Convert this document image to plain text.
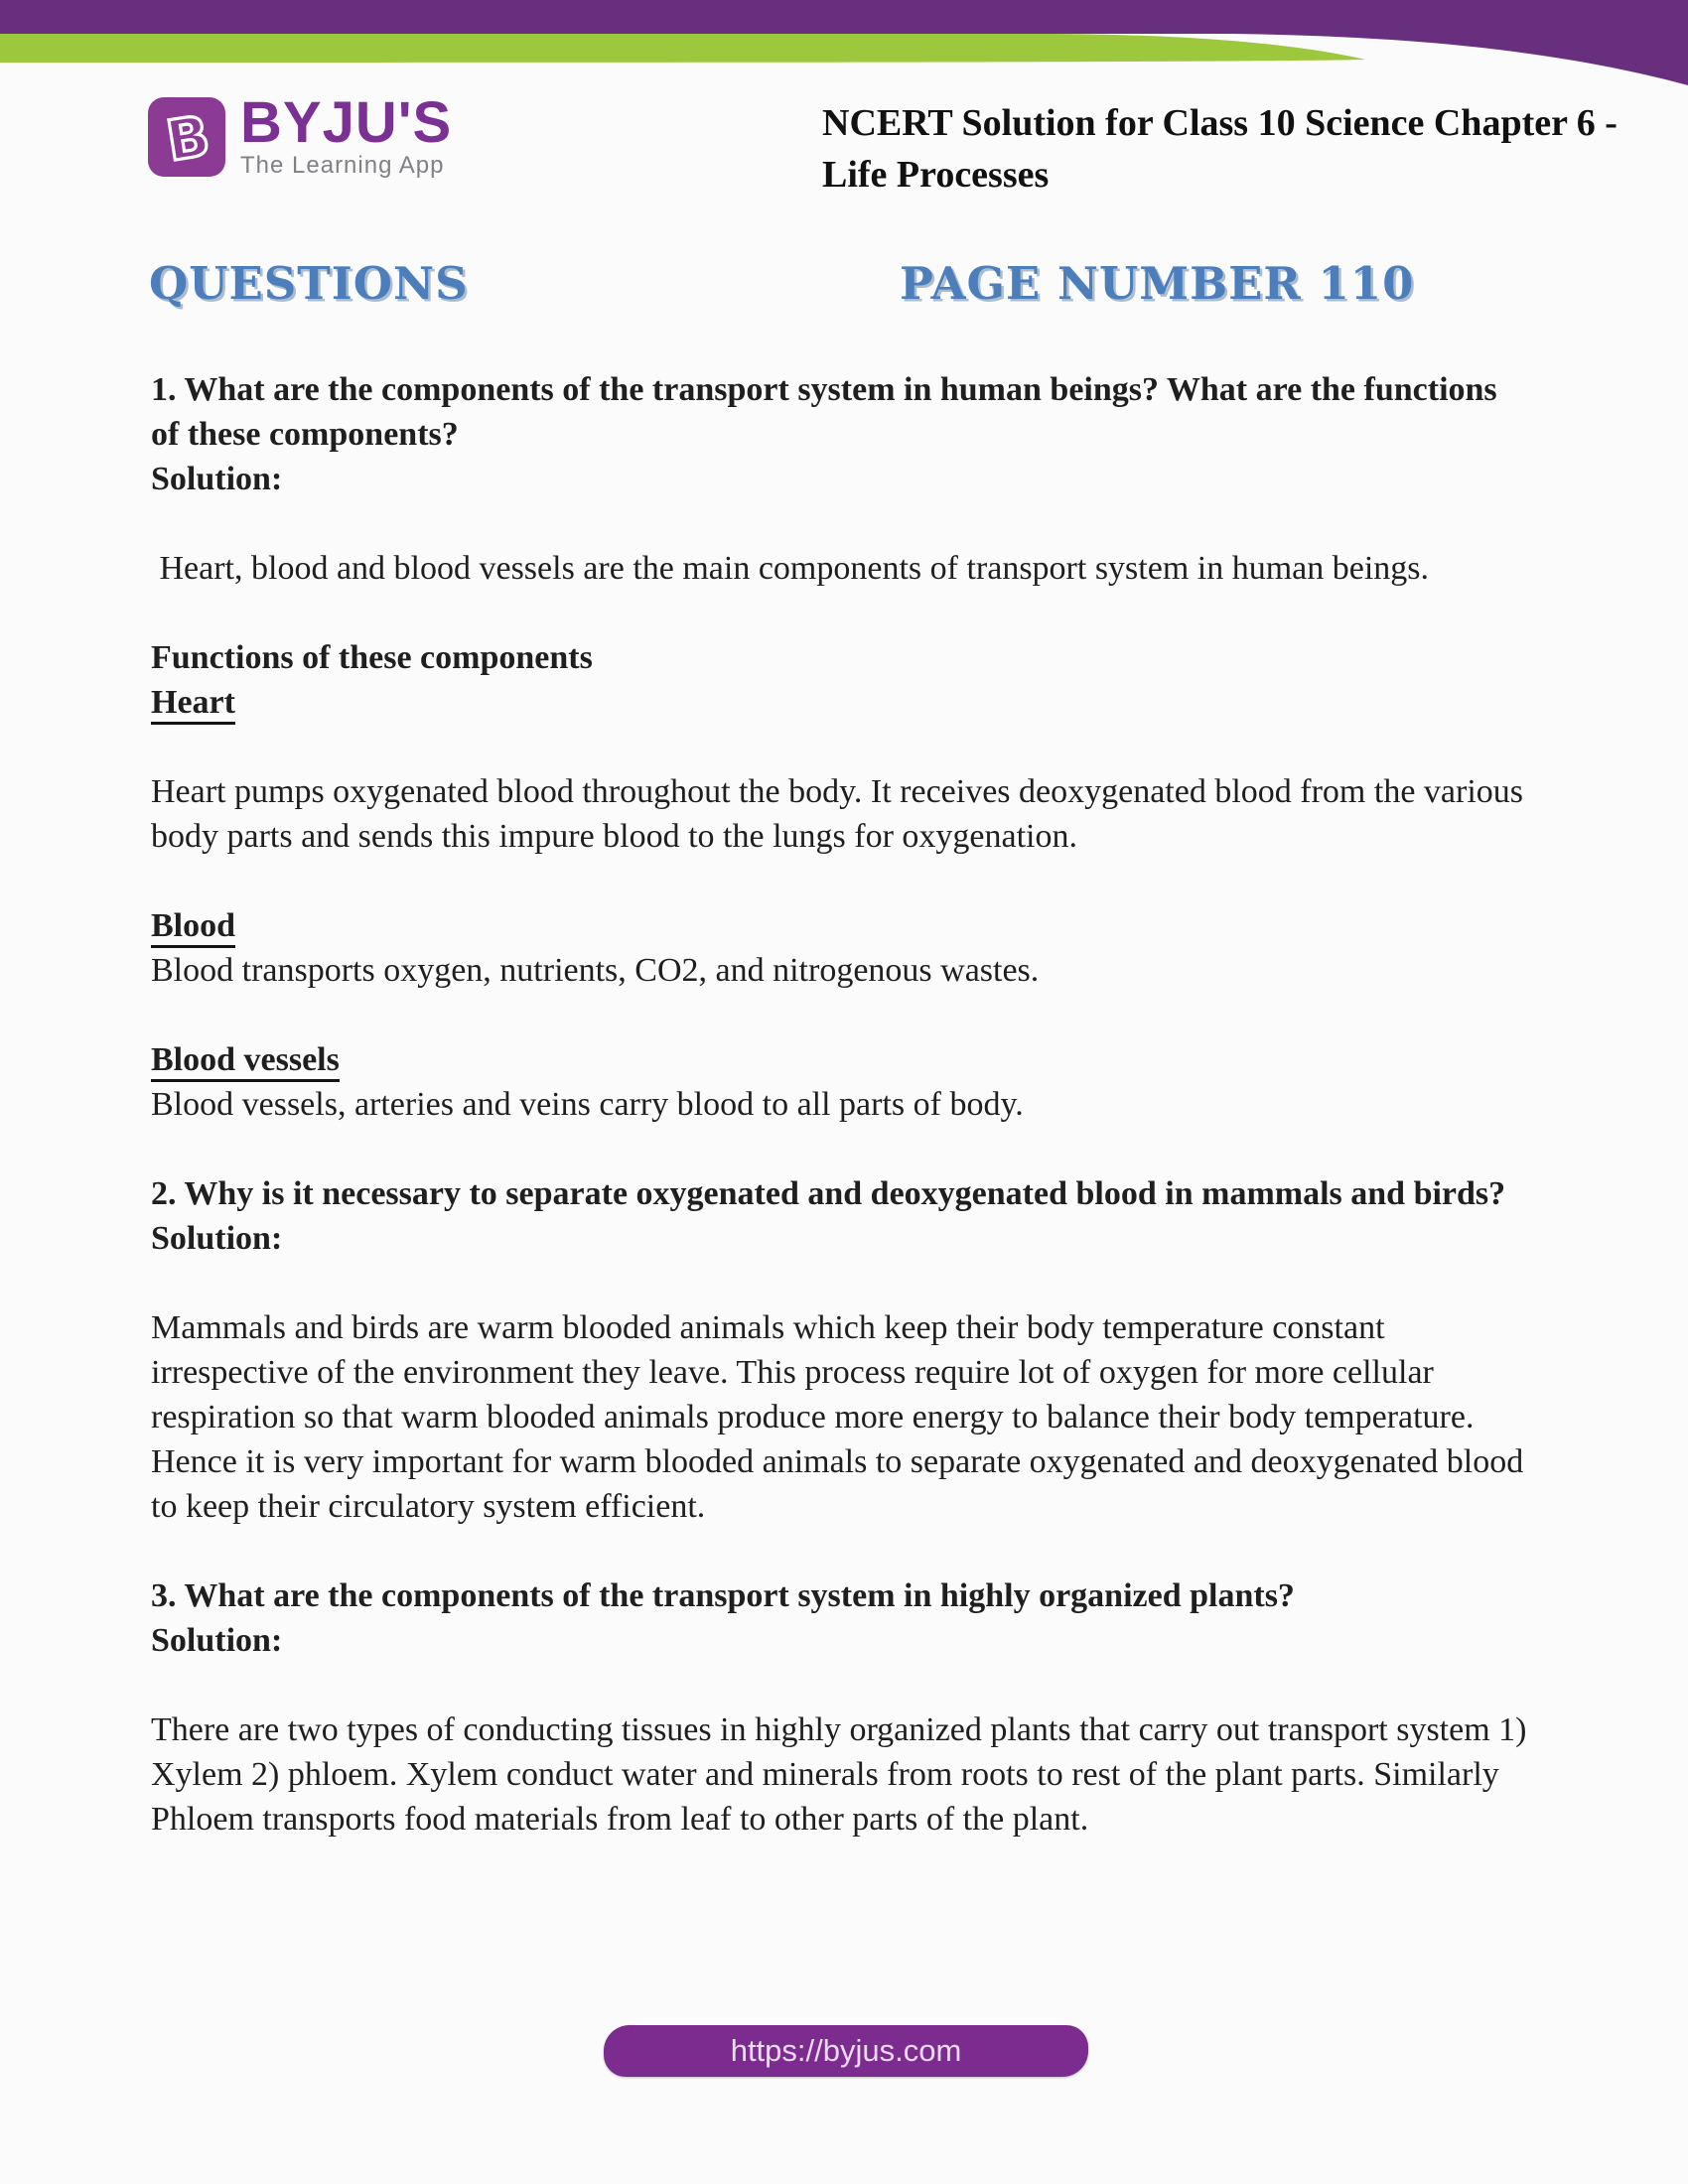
B BYJU'S
The Learning App
NCERT Solution for Class 10 Science Chapter 6 -
Life Processes
QUESTIONS	PAGE NUMBER 110
1. What are the components of the transport system in human beings? What are the functions of these components?
Solution:
Heart, blood and blood vessels are the main components of transport system in human beings.
Functions of these components
Heart
Heart pumps oxygenated blood throughout the body. It receives deoxygenated blood from the various body parts and sends this impure blood to the lungs for oxygenation.
Blood
Blood transports oxygen, nutrients, CO2, and nitrogenous wastes.
Blood vessels
Blood vessels, arteries and veins carry blood to all parts of body.
2. Why is it necessary to separate oxygenated and deoxygenated blood in mammals and birds?
Solution:
Mammals and birds are warm blooded animals which keep their body temperature constant irrespective of the environment they leave. This process require lot of oxygen for more cellular respiration so that warm blooded animals produce more energy to balance their body temperature. Hence it is very important for warm blooded animals to separate oxygenated and deoxygenated blood to keep their circulatory system efficient.
3. What are the components of the transport system in highly organized plants?
Solution:
There are two types of conducting tissues in highly organized plants that carry out transport system 1) Xylem 2) phloem. Xylem conduct water and minerals from roots to rest of the plant parts. Similarly Phloem transports food materials from leaf to other parts of the plant.
https://byjus.com
